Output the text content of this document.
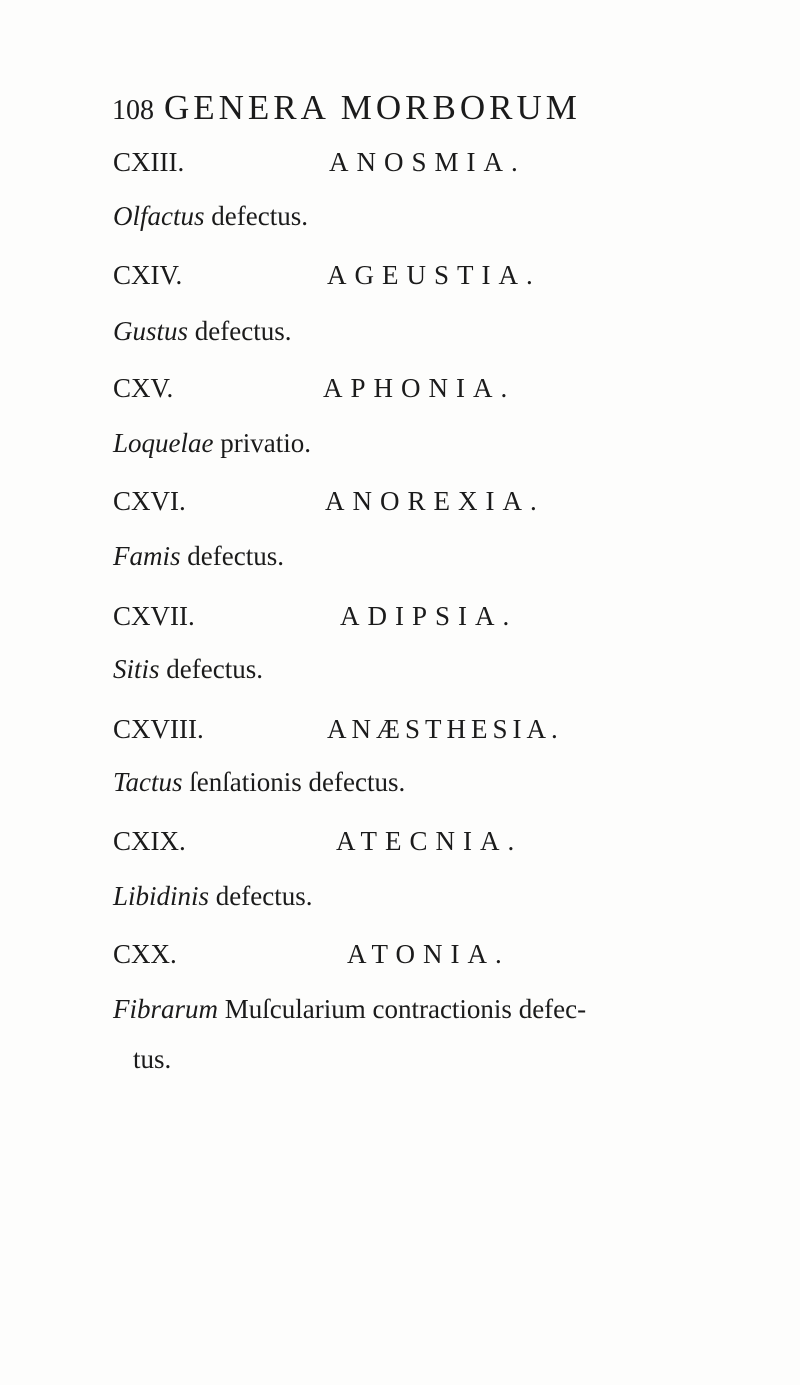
108 GENERA MORBORUM
CXIII.	ANOSMIA.
Olfactus defectus.
CXIV.	AGEUSTIA.
Gustus defectus.
CXV.	APHONIA.
Loquelae privatio.
CXVI.	ANOREXIA.
Famis defectus.
CXVII.	ADIPSIA.
Sitis defectus.
CXVIII.	ANÆSTHESIA.
Tactus ſenſationis defectus.
CXIX.	ATECNIA.
Libidinis defectus.
CXX.	ATONIA.
Fibrarum Muſcularium contractionis defec-
tus.
